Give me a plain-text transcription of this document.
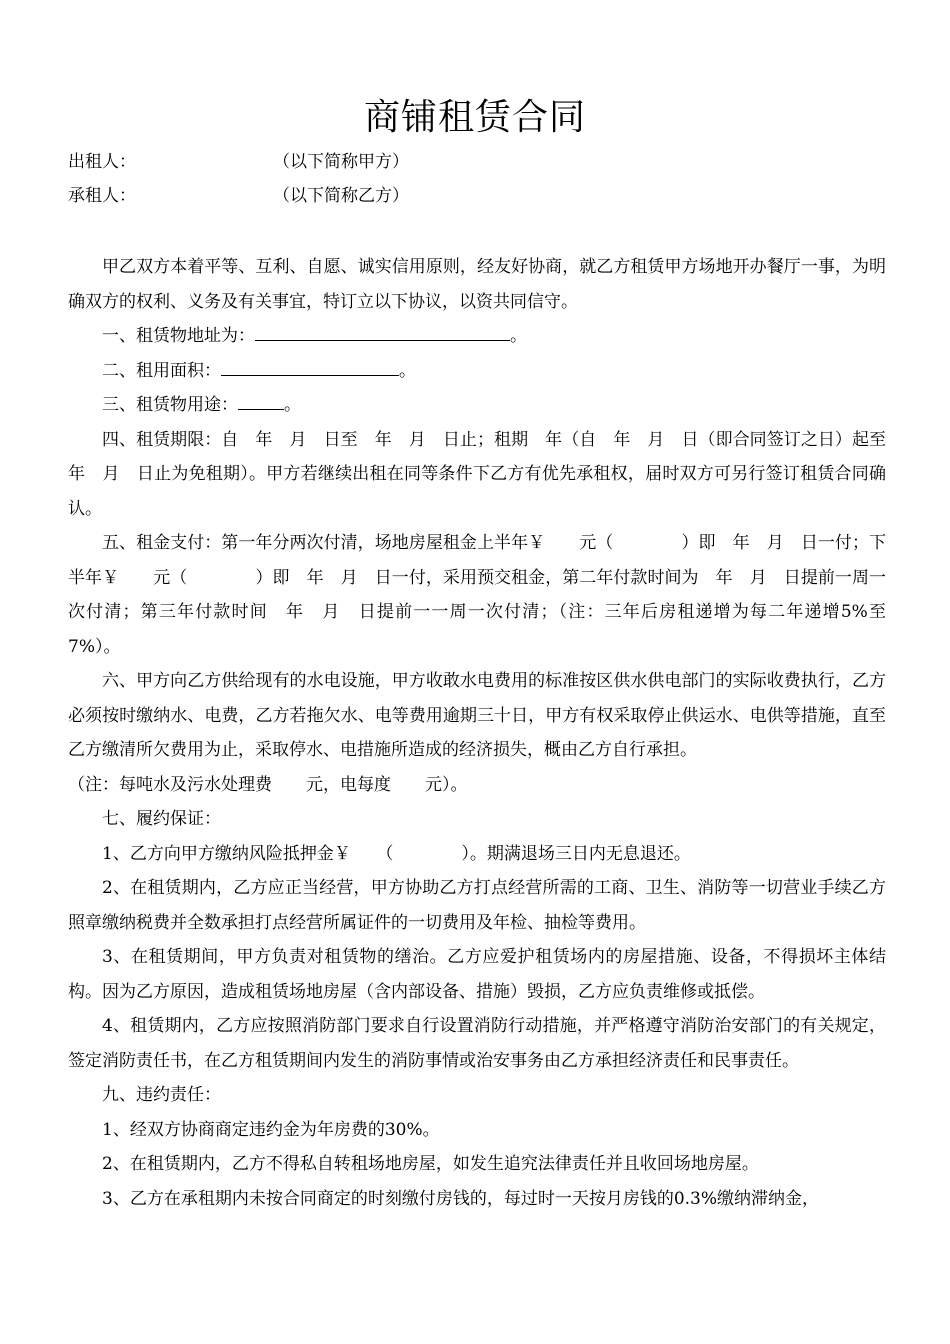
商铺租赁合同
出租人：	（以下简称甲方）
承租人：	（以下简称乙方）

甲乙双方本着平等、互利、自愿、诚实信用原则，经友好协商，就乙方租赁甲方场地开办餐厅一事，为明确双方的权利、义务及有关事宜，特订立以下协议，以资共同信守。

一、租赁物地址为：	。

二、租用面积：	。

三、租赁物用途：	。

四、租赁期限：自　年　月　日至　年　月　日止；租期　年（自　年　月　日（即合同签订之日）起至　年　月　日止为免租期）。甲方若继续出租在同等条件下乙方有优先承租权，届时双方可另行签订租赁合同确认。

五、租金支付：第一年分两次付清，场地房屋租金上半年￥　　元（　　　　）即　年　月　日一付；下半年￥　　元（　　　　）即　年　月　日一付，采用预交租金，第二年付款时间为　年　月　日提前一周一次付清；第三年付款时间　年　月　日提前一一周一次付清；（注：三年后房租递增为每二年递增5%至7%）。

六、甲方向乙方供给现有的水电设施，甲方收敢水电费用的标准按区供水供电部门的实际收费执行，乙方必须按时缴纳水、电费，乙方若拖欠水、电等费用逾期三十日，甲方有权采取停止供运水、电供等措施，直至乙方缴清所欠费用为止，采取停水、电措施所造成的经济损失，概由乙方自行承担。

（注：每吨水及污水处理费　　元，电每度　　元）。

七、履约保证：

1、乙方向甲方缴纳风险抵押金￥　　（　　　　）。期满退场三日内无息退还。

2、在租赁期内，乙方应正当经营，甲方协助乙方打点经营所需的工商、卫生、消防等一切营业手续乙方照章缴纳税费并全数承担打点经营所属证件的一切费用及年检、抽检等费用。

3、在租赁期间，甲方负责对租赁物的缮治。乙方应爱护租赁场内的房屋措施、设备，不得损坏主体结构。因为乙方原因，造成租赁场地房屋（含内部设备、措施）毁损，乙方应负责维修或抵偿。

4、租赁期内，乙方应按照消防部门要求自行设置消防行动措施，并严格遵守消防治安部门的有关规定，签定消防责任书，在乙方租赁期间内发生的消防事情或治安事务由乙方承担经济责任和民事责任。

九、违约责任：

1、经双方协商商定违约金为年房费的30%。

2、在租赁期内，乙方不得私自转租场地房屋，如发生追究法律责任并且收回场地房屋。

3、乙方在承租期内未按合同商定的时刻缴付房钱的，每过时一天按月房钱的0.3%缴纳滞纳金，
